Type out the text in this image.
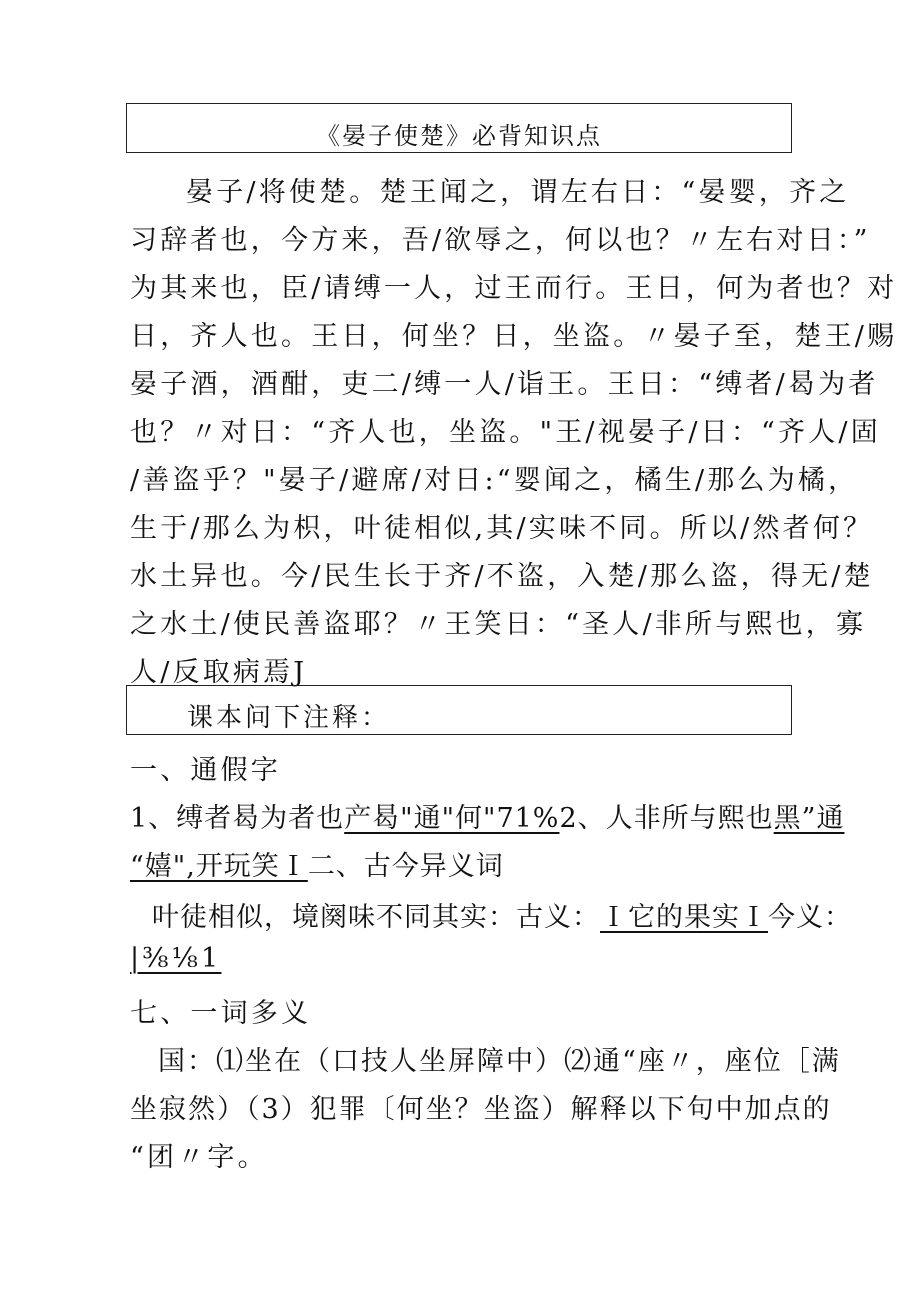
《晏子使楚》必背知识点
晏子/将使楚。楚王闻之，谓左右日：“晏婴，齐之
习辞者也，今方来，吾/欲辱之，何以也？〃左右对日：”
为其来也，臣/请缚一人，过王而行。王日，何为者也？对
日，齐人也。王日，何坐？日，坐盗。〃晏子至，楚王/赐
晏子酒，酒酣，吏二/缚一人/诣王。王日：“缚者/曷为者
也？〃对日：“齐人也，坐盗。"王/视晏子/日：“齐人/固
/善盗乎？"晏子/避席/对日:“婴闻之，橘生/那么为橘，
生于/那么为枳，叶徒相似,其/实味不同。所以/然者何？
水土异也。今/民生长于齐/不盗，入楚/那么盗，得无/楚
之水土/使民善盗耶？〃王笑日：“圣人/非所与熙也，寡
人/反取病焉J
课本问下注释：
一、通假字
1、缚者曷为者也产曷"通"何"71%2、人非所与熙也黑”通
“嬉",开玩笑Ｉ二、古今异义词
叶徒相似，境阕味不同其实：古义：Ｉ它的果实Ｉ今义：
|⅜⅛1
七、一词多义
国：⑴坐在（口技人坐屏障中）⑵通“座〃，座位［满
坐寂然）（3）犯罪〔何坐？坐盗）解释以下句中加点的
“团〃字。
